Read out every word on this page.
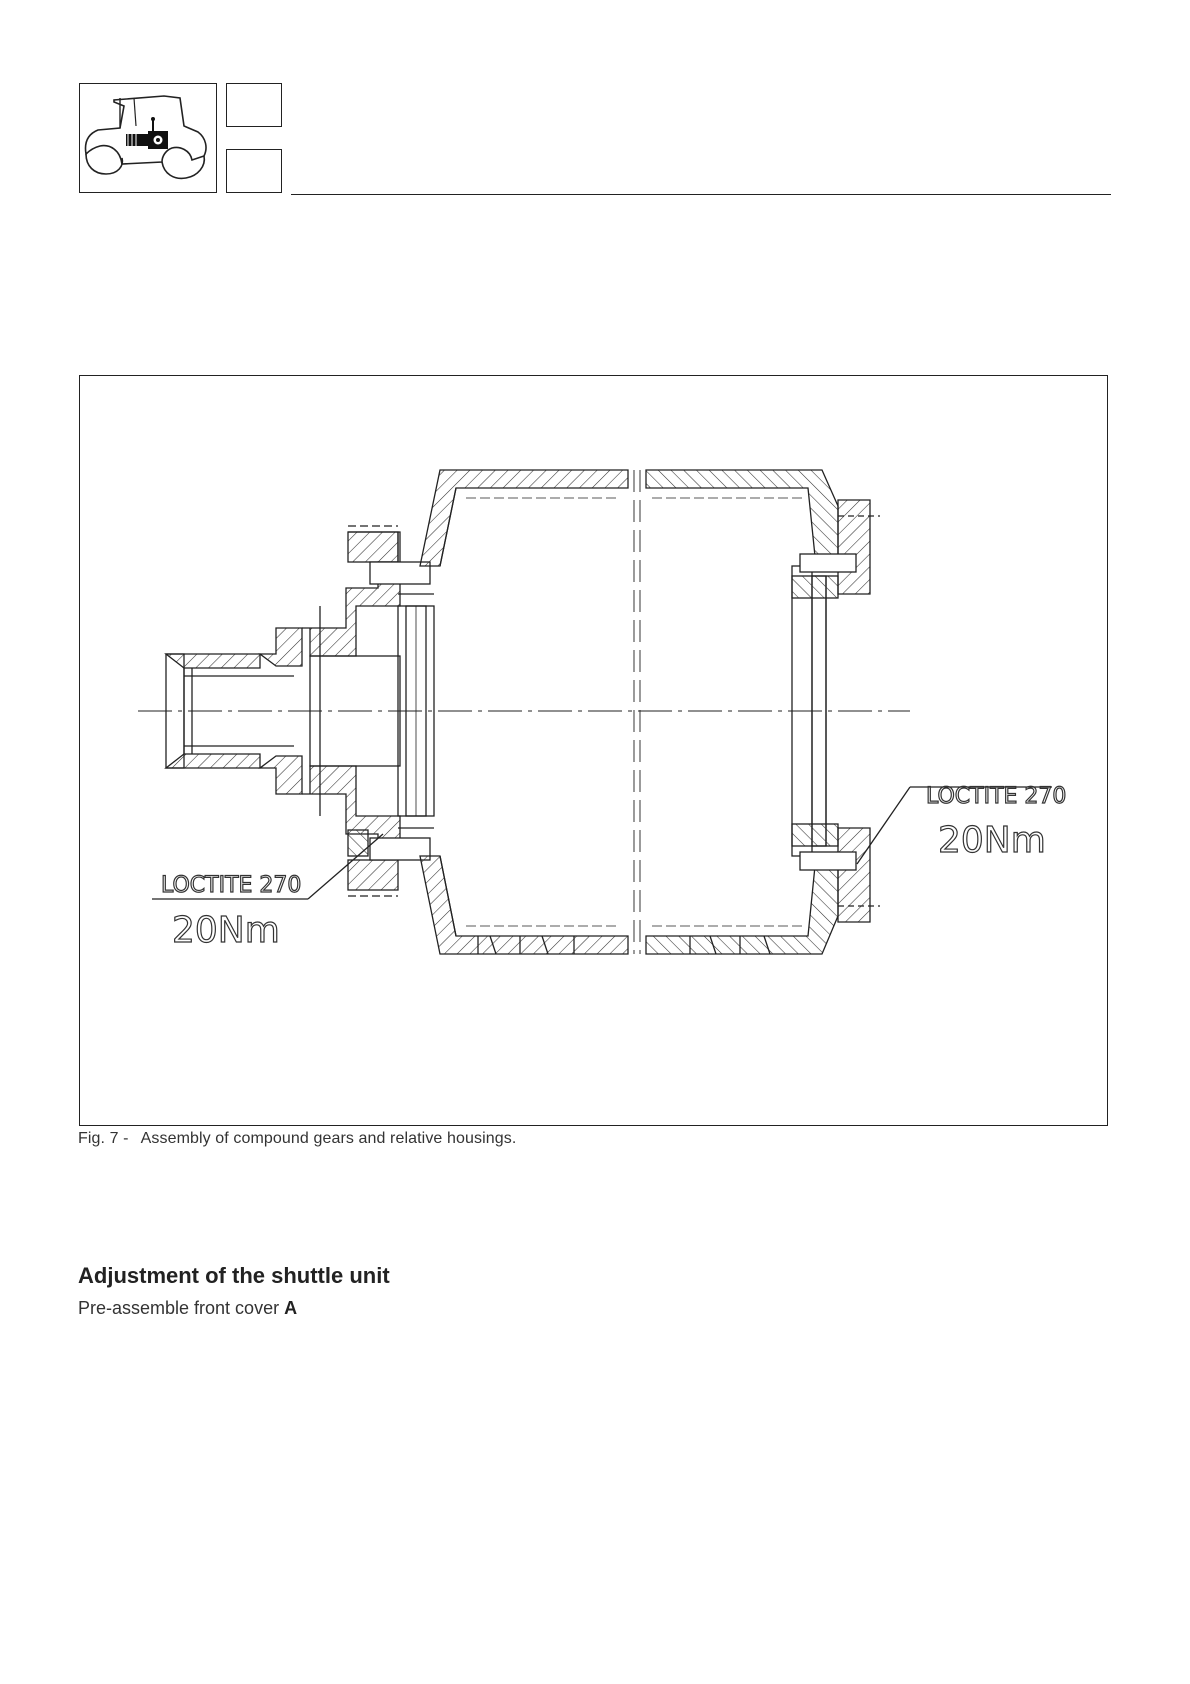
LOCTITE 270
20Nm
LOCTITE 270
20Nm
Fig. 7 - Assembly of compound gears and relative housings.
Adjustment of the shuttle unit
Pre-assemble front cover A
